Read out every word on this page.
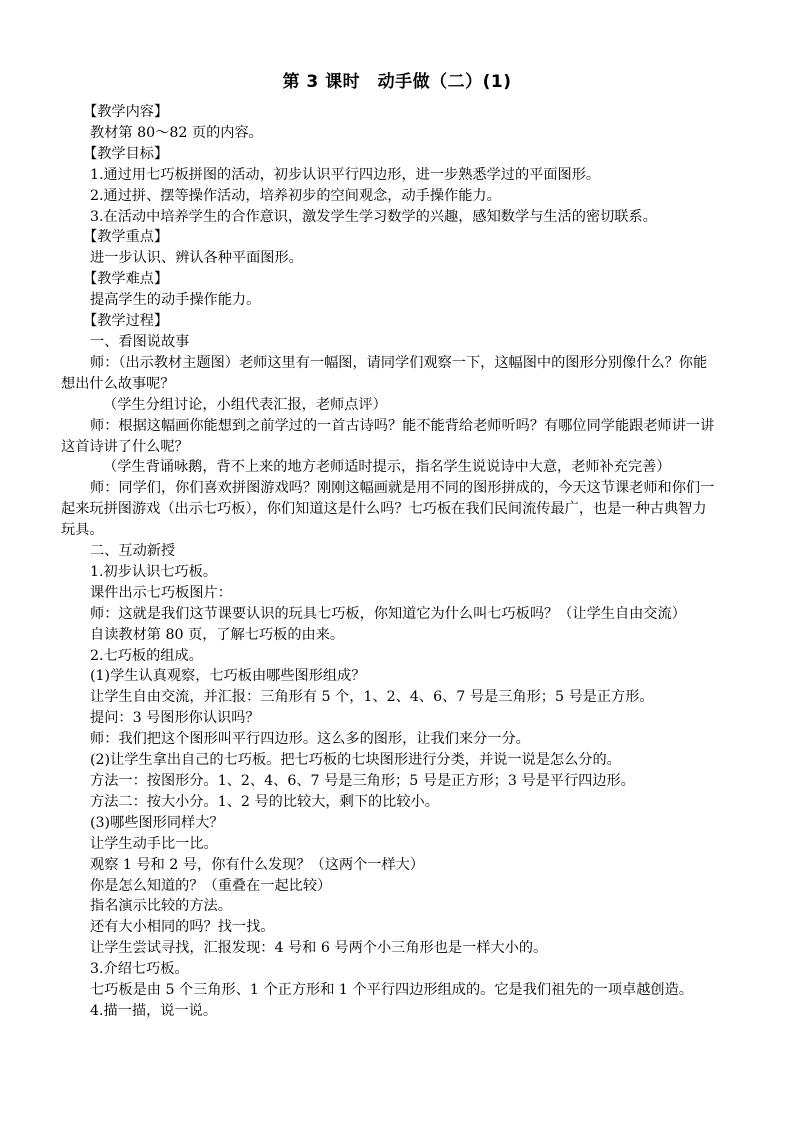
第 3 课时　动手做（二）(1)

【教学内容】

教材第 80～82 页的内容。

【教学目标】

1.通过用七巧板拼图的活动，初步认识平行四边形，进一步熟悉学过的平面图形。

2.通过拼、摆等操作活动，培养初步的空间观念，动手操作能力。

3.在活动中培养学生的合作意识，激发学生学习数学的兴趣，感知数学与生活的密切联系。

【教学重点】

进一步认识、辨认各种平面图形。

【教学难点】

提高学生的动手操作能力。

【教学过程】

一、看图说故事

师：（出示教材主题图）老师这里有一幅图，请同学们观察一下，这幅图中的图形分别像什么？你能想出什么故事呢？

（学生分组讨论，小组代表汇报，老师点评）

师：根据这幅画你能想到之前学过的一首古诗吗？能不能背给老师听吗？有哪位同学能跟老师讲一讲这首诗讲了什么呢？

（学生背诵咏鹅，背不上来的地方老师适时提示，指名学生说说诗中大意，老师补充完善）

师：同学们，你们喜欢拼图游戏吗？刚刚这幅画就是用不同的图形拼成的，今天这节课老师和你们一起来玩拼图游戏（出示七巧板），你们知道这是什么吗？七巧板在我们民间流传最广，也是一种古典智力玩具。

二、互动新授

1.初步认识七巧板。

课件出示七巧板图片：

师：这就是我们这节课要认识的玩具七巧板，你知道它为什么叫七巧板吗？（让学生自由交流）

自读教材第 80 页，了解七巧板的由来。

2.七巧板的组成。

(1)学生认真观察，七巧板由哪些图形组成？

让学生自由交流，并汇报：三角形有 5 个，1、2、4、6、7 号是三角形；5 号是正方形。

提问：3 号图形你认识吗？

师：我们把这个图形叫平行四边形。这么多的图形，让我们来分一分。

(2)让学生拿出自己的七巧板。把七巧板的七块图形进行分类，并说一说是怎么分的。

方法一：按图形分。1、2、4、6、7 号是三角形；5 号是正方形；3 号是平行四边形。

方法二：按大小分。1、2 号的比较大，剩下的比较小。

(3)哪些图形同样大？

让学生动手比一比。

观察 1 号和 2 号，你有什么发现？（这两个一样大）

你是怎么知道的？（重叠在一起比较）

指名演示比较的方法。

还有大小相同的吗？找一找。

让学生尝试寻找，汇报发现：4 号和 6 号两个小三角形也是一样大小的。

3.介绍七巧板。

七巧板是由 5 个三角形、1 个正方形和 1 个平行四边形组成的。它是我们祖先的一项卓越创造。

4.描一描，说一说。
